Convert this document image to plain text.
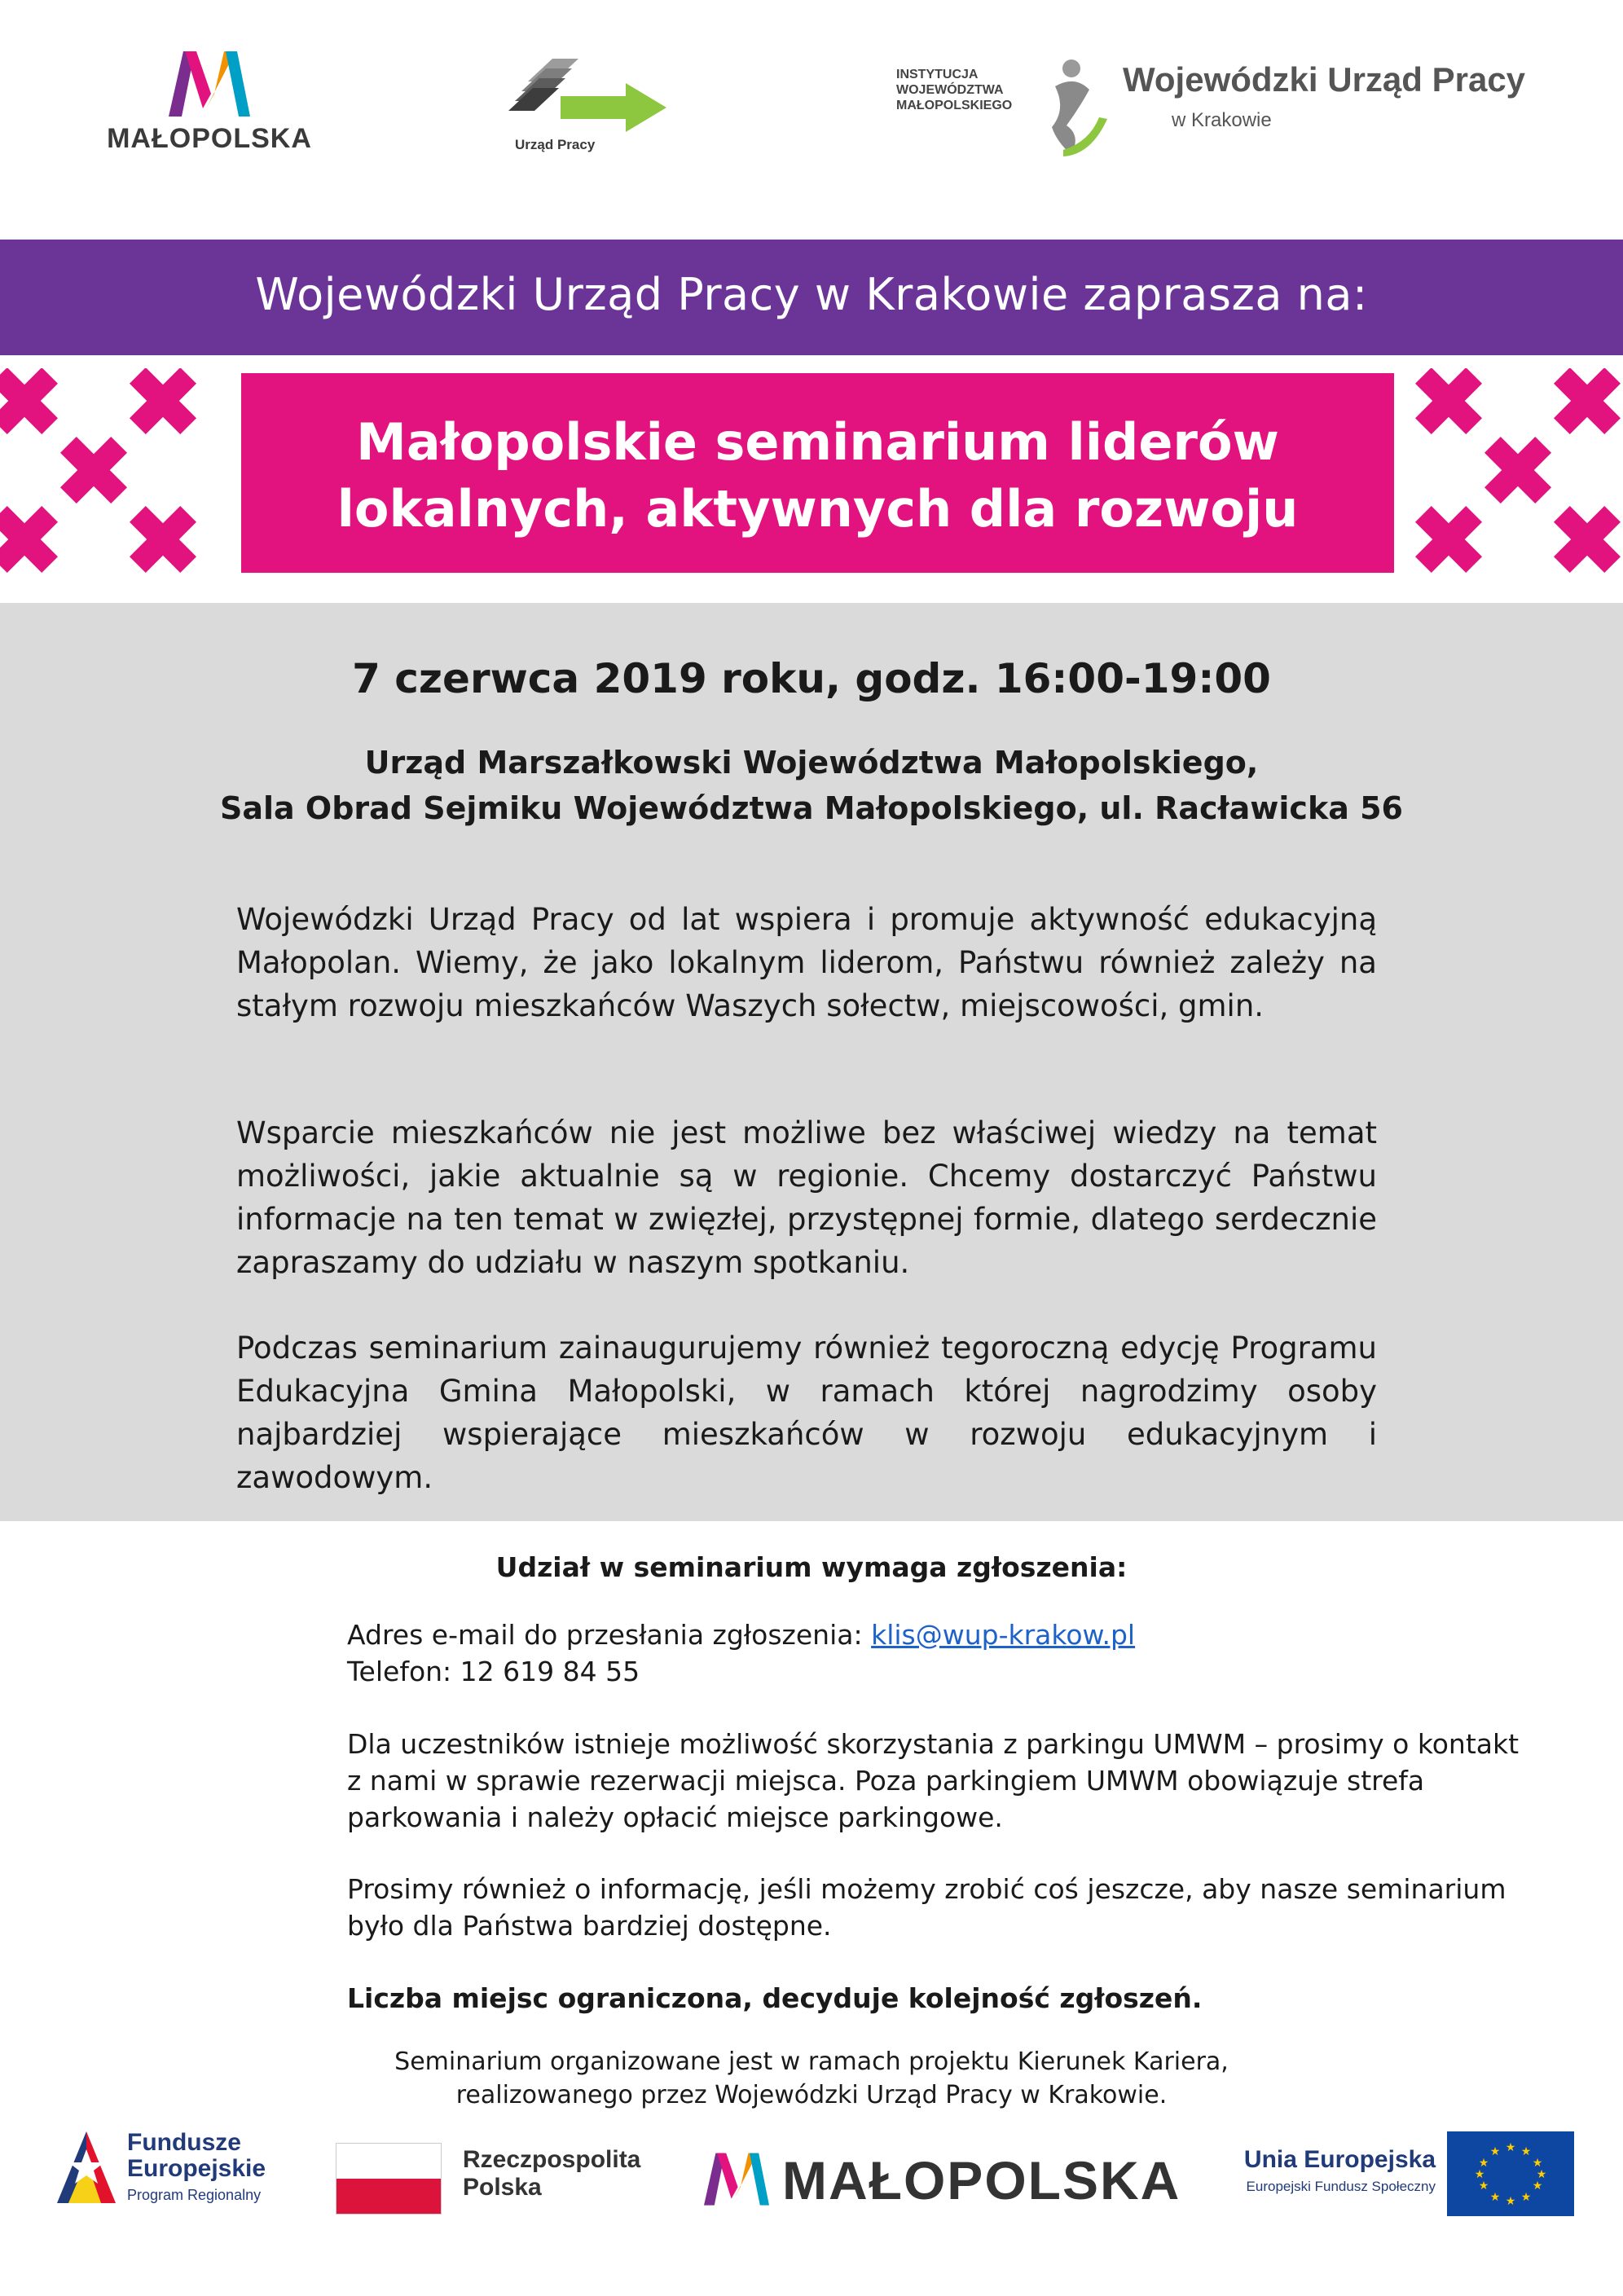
MAŁOPOLSKA	Urząd Pracy
INSTYTUCJA
WOJEWÓDZTWA
MAŁOPOLSKIEGO
Wojewódzki Urząd Pracy
w Krakowie
Wojewódzki Urząd Pracy w Krakowie zaprasza na:
Małopolskie seminarium liderów
lokalnych, aktywnych dla rozwoju
7 czerwca 2019 roku, godz. 16:00-19:00
Urząd Marszałkowski Województwa Małopolskiego,
Sala Obrad Sejmiku Województwa Małopolskiego, ul. Racławicka 56
Wojewódzki Urząd Pracy od lat wspiera i promuje aktywność edukacyjną Małopolan. Wiemy, że jako lokalnym liderom, Państwu również zależy na stałym rozwoju mieszkańców Waszych sołectw, miejscowości, gmin.
Wsparcie mieszkańców nie jest możliwe bez właściwej wiedzy na temat możliwości, jakie aktualnie są w regionie. Chcemy dostarczyć Państwu informacje na ten temat w zwięzłej, przystępnej formie, dlatego serdecznie zapraszamy do udziału w naszym spotkaniu.
Podczas seminarium zainaugurujemy również tegoroczną edycję Programu Edukacyjna Gmina Małopolski, w ramach której nagrodzimy osoby najbardziej wspierające mieszkańców w rozwoju edukacyjnym i zawodowym.
Udział w seminarium wymaga zgłoszenia:
Adres e-mail do przesłania zgłoszenia: klis@wup-krakow.pl
Telefon: 12 619 84 55
Dla uczestników istnieje możliwość skorzystania z parkingu UMWM – prosimy o kontakt z nami w sprawie rezerwacji miejsca. Poza parkingiem UMWM obowiązuje strefa parkowania i należy opłacić miejsce parkingowe.
Prosimy również o informację, jeśli możemy zrobić coś jeszcze, aby nasze seminarium było dla Państwa bardziej dostępne.
Liczba miejsc ograniczona, decyduje kolejność zgłoszeń.
Seminarium organizowane jest w ramach projektu Kierunek Kariera,
realizowanego przez Wojewódzki Urząd Pracy w Krakowie.
Fundusze
Europejskie
Program Regionalny
Rzeczpospolita
Polska	MAŁOPOLSKA	Unia Europejska
Europejski Fundusz Społeczny
★ ★
★
★
★
★
★
★
★
★
★
★
